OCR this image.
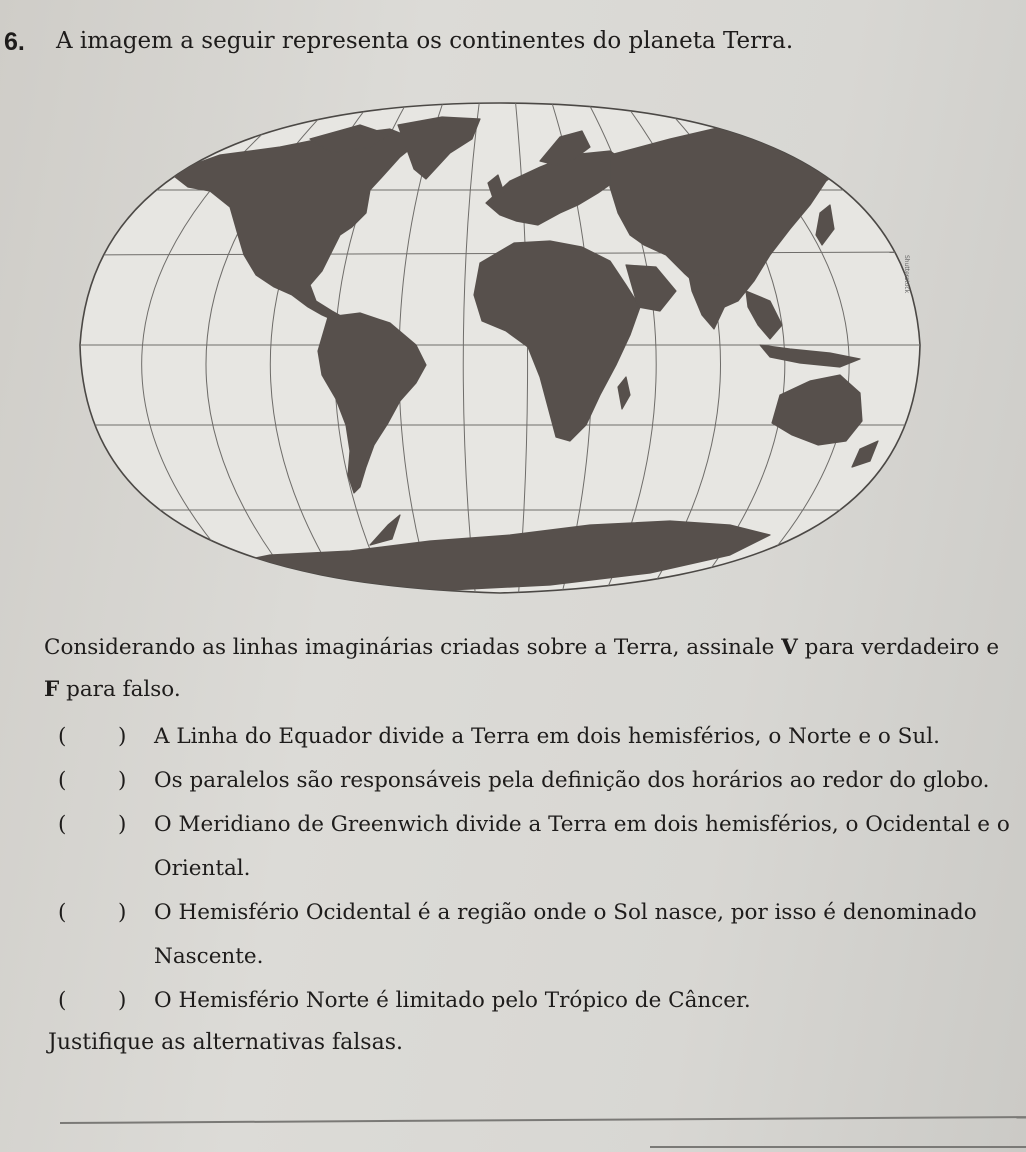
6. A imagem a seguir representa os continentes do planeta Terra.
Shutterstock
Considerando as linhas imaginárias criadas sobre a Terra, assinale V para verdadeiro e
F para falso.
( ) A Linha do Equador divide a Terra em dois hemisférios, o Norte e o Sul.
( ) Os paralelos são responsáveis pela definição dos horários ao redor do globo.
( ) O Meridiano de Greenwich divide a Terra em dois hemisférios, o Ocidental e o Oriental.
( ) O Hemisfério Ocidental é a região onde o Sol nasce, por isso é denominado Nascente.
( ) O Hemisfério Norte é limitado pelo Trópico de Câncer.
Justifique as alternativas falsas.
